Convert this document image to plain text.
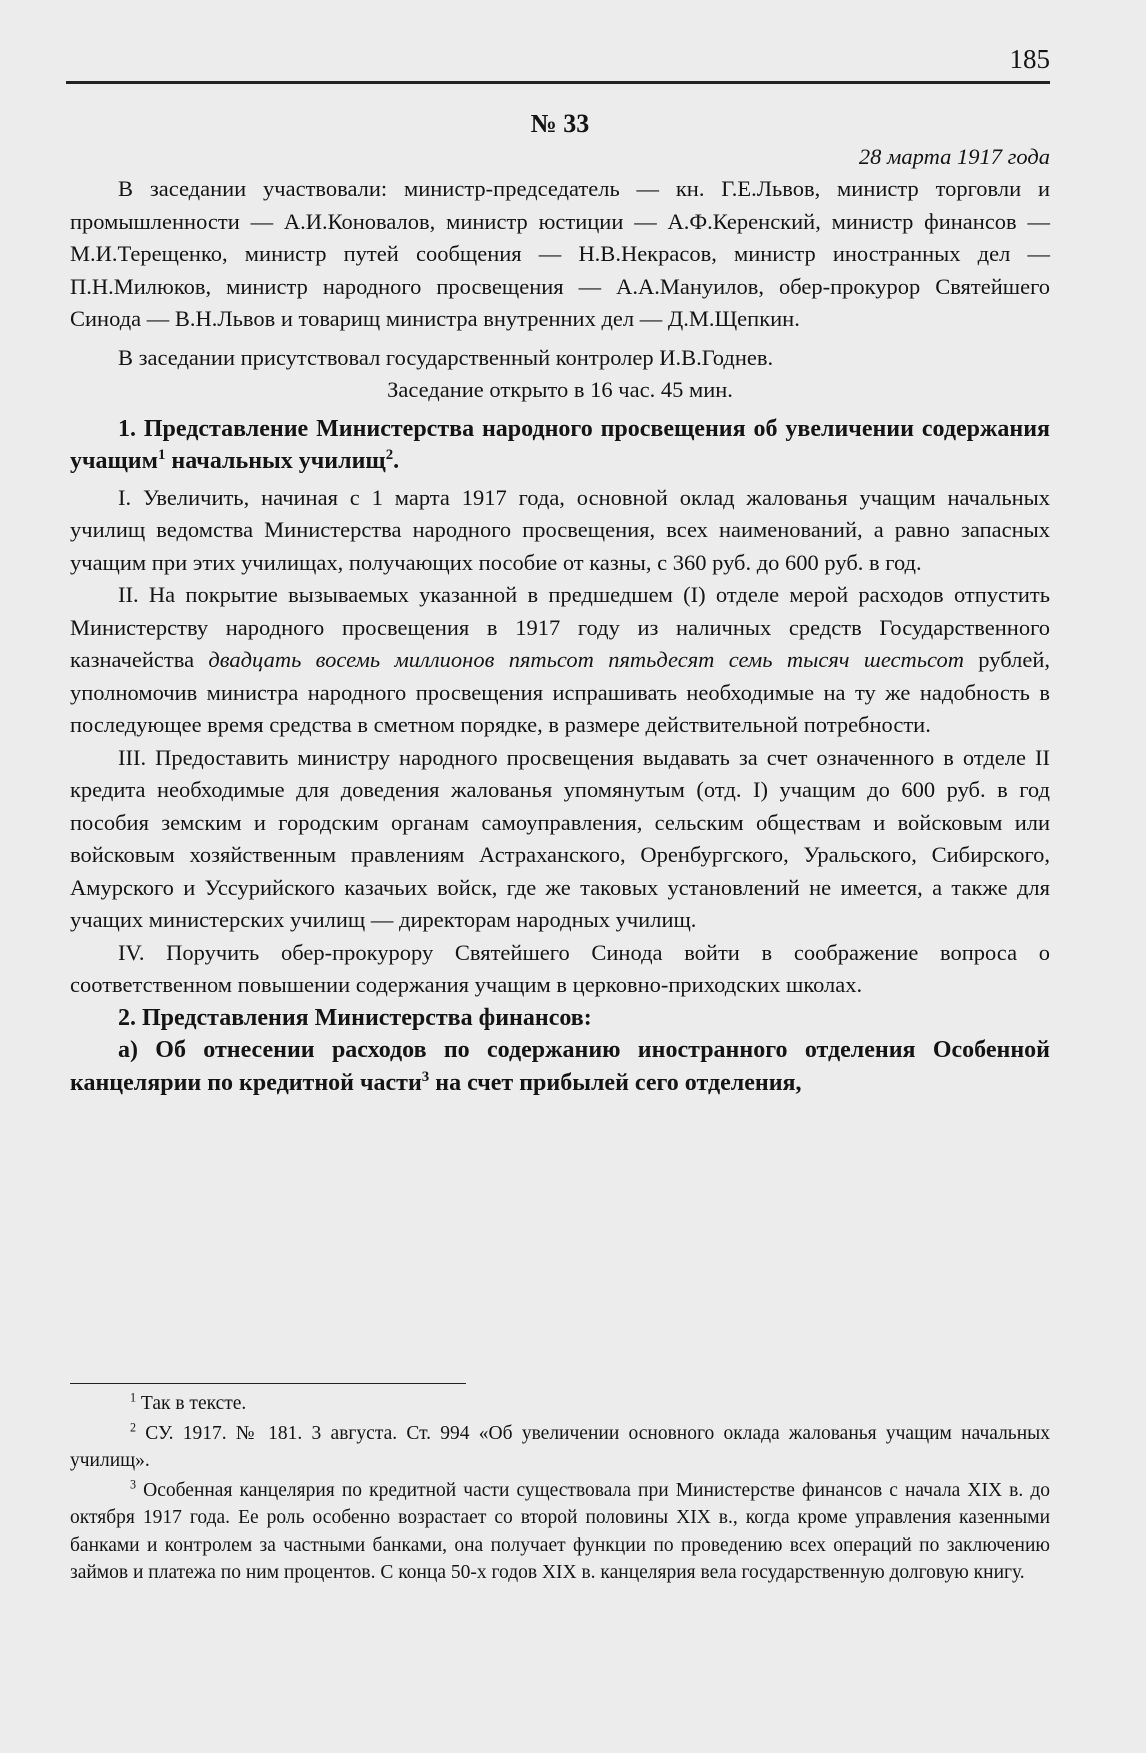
185

№ 33

28 марта 1917 года

В заседании участвовали: министр-председатель — кн. Г.Е.Львов, министр торговли и промышленности — А.И.Коновалов, министр юстиции — А.Ф.Керенский, министр финансов — М.И.Терещенко, министр путей сообщения — Н.В.Некрасов, министр иностранных дел — П.Н.Милюков, министр народного просвещения — А.А.Мануилов, обер-прокурор Святейшего Синода — В.Н.Львов и товарищ министра внутренних дел — Д.М.Щепкин.

В заседании присутствовал государственный контролер И.В.Годнев.

Заседание открыто в 16 час. 45 мин.

1. Представление Министерства народного просвещения об увеличении содержания учащим$^1$ начальных училищ$^2$.

I. Увеличить, начиная с 1 марта 1917 года, основной оклад жалованья учащим начальных училищ ведомства Министерства народного просвещения, всех наименований, а равно запасных учащим при этих училищах, получающих пособие от казны, с 360 руб. до 600 руб. в год.

II. На покрытие вызываемых указанной в предшедшем (I) отделе мерой расходов отпустить Министерству народного просвещения в 1917 году из наличных средств Государственного казначейства двадцать восемь миллионов пятьсот пятьдесят семь тысяч шестьсот рублей, уполномочив министра народного просвещения испрашивать необходимые на ту же надобность в последующее время средства в сметном порядке, в размере действительной потребности.

III. Предоставить министру народного просвещения выдавать за счет означенного в отделе II кредита необходимые для доведения жалованья упомянутым (отд. I) учащим до 600 руб. в год пособия земским и городским органам самоуправления, сельским обществам и войсковым или войсковым хозяйственным правлениям Астраханского, Оренбургского, Уральского, Сибирского, Амурского и Уссурийского казачьих войск, где же таковых установлений не имеется, а также для учащих министерских училищ — директорам народных училищ.

IV. Поручить обер-прокурору Святейшего Синода войти в соображение вопроса о соответственном повышении содержания учащим в церковно-приходских школах.

2. Представления Министерства финансов:

а) Об отнесении расходов по содержанию иностранного отделения Особенной канцелярии по кредитной части$^3$ на счет прибылей сего отделения,

$^1$ Так в тексте.

$^2$ СУ. 1917. № 181. 3 августа. Ст. 994 «Об увеличении основного оклада жалованья учащим начальных училищ».

$^3$ Особенная канцелярия по кредитной части существовала при Министерстве финансов с начала XIX в. до октября 1917 года. Ее роль особенно возрастает со второй половины XIX в., когда кроме управления казенными банками и контролем за частными банками, она получает функции по проведению всех операций по заключению займов и платежа по ним процентов. С конца 50-х годов XIX в. канцелярия вела государственную долговую книгу.
